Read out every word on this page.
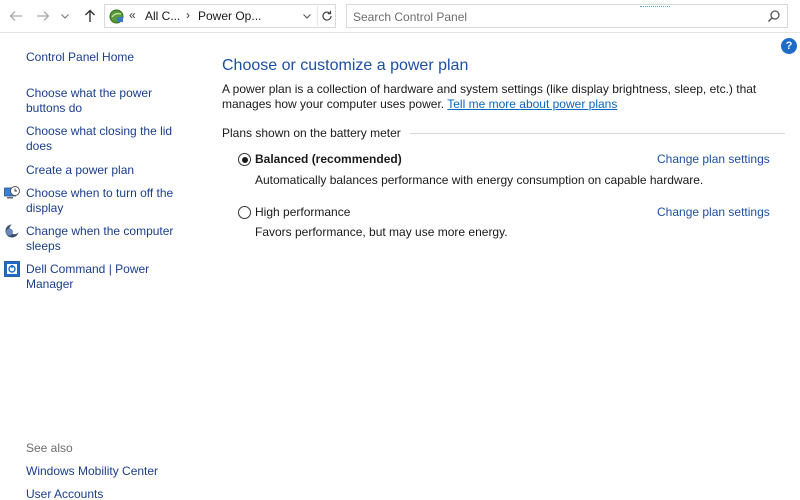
« All C... › Power Op...
Search Control Panel
?
Control Panel Home
Choose what the power
buttons do
Choose what closing the lid
does
Create a power plan
Choose when to turn off the
display
Change when the computer
sleeps
Dell Command | Power
Manager
See also
Windows Mobility Center
User Accounts
Choose or customize a power plan
A power plan is a collection of hardware and system settings (like display brightness, sleep, etc.) that
manages how your computer uses power. Tell me more about power plans
Plans shown on the battery meter
Balanced (recommended)
Automatically balances performance with energy consumption on capable hardware.
Change plan settings
High performance
Favors performance, but may use more energy.
Change plan settings
